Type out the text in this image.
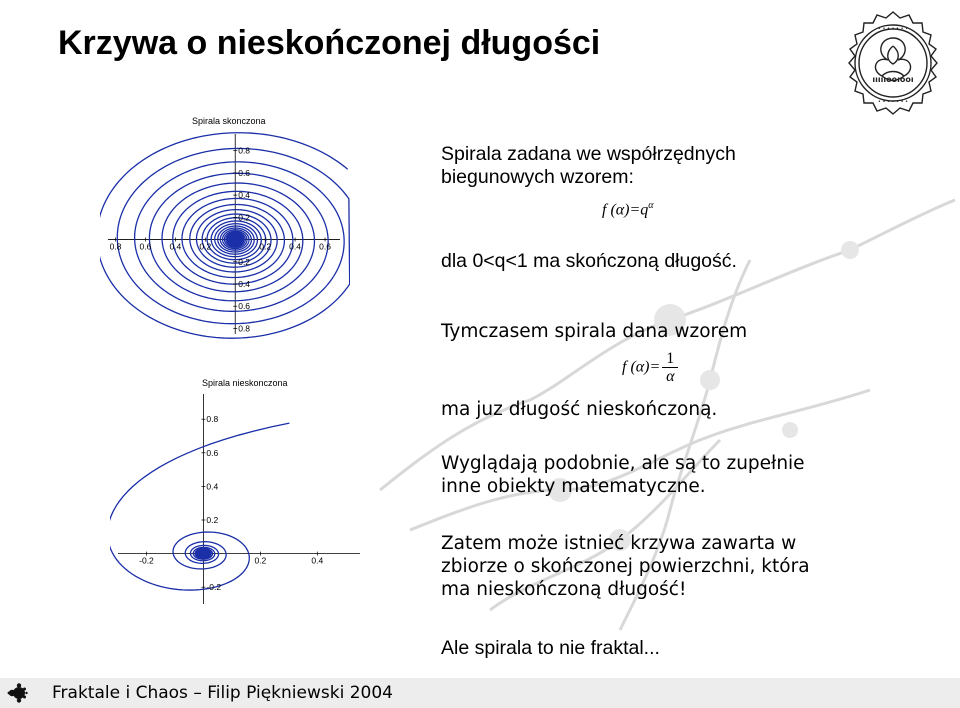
Krzywa o nieskończonej długości
ıııııooıooı
• • • • • • •
• • • • • • •
Spirala skonczona
0.8 0.6 0.4 0.2	0.2 0.4 0.6
0.8
0.6
0.4
0.2
0.2
0.4
0.6
0.8
Spirala nieskonczona
-0.2	0.2	0.4
0.8
0.6
0.4
0.2
-0.2
Spirala zadana we współrzędnych
biegunowych wzorem:
f $(\alpha)=q^\alpha$
dla 0<q<1 ma skończoną długość.
Tymczasem spirala dana wzorem
f $(\alpha)= \frac{1}{\alpha}$
ma juz długość nieskończoną.
Wyglądają podobnie, ale są to zupełnie
inne obiekty matematyczne.
Zatem może istnieć krzywa zawarta w
zbiorze o skończonej powierzchni, która
ma nieskończoną długość!
Ale spirala to nie fraktal...
Fraktale i Chaos – Filip Piękniewski 2004
